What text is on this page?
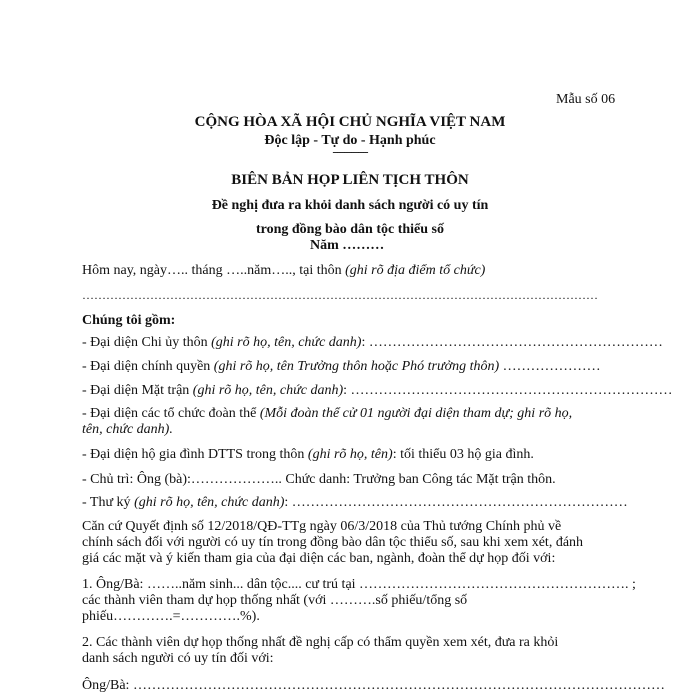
Mẫu số 06
CỘNG HÒA XÃ HỘI CHỦ NGHĨA VIỆT NAM
Độc lập - Tự do - Hạnh phúc
---------------
BIÊN BẢN HỌP LIÊN TỊCH THÔN
Đề nghị đưa ra khỏi danh sách người có uy tín
trong đồng bào dân tộc thiểu số
Năm ………
Hôm nay, ngày….. tháng …..năm….., tại thôn (ghi rõ địa điểm tổ chức)
…………………………………………………………………………………………………………………
Chúng tôi gồm:
- Đại diện Chi ủy thôn (ghi rõ họ, tên, chức danh): ………………………………………………………
- Đại diện chính quyền (ghi rõ họ, tên Trưởng thôn hoặc Phó trưởng thôn) …………………
- Đại diện Mặt trận (ghi rõ họ, tên, chức danh): ……………………………………………………………
- Đại diện các tổ chức đoàn thể (Mỗi đoàn thể cử 01 người đại diện tham dự; ghi rõ họ,
tên, chức danh).
- Đại diện hộ gia đình DTTS trong thôn (ghi rõ họ, tên): tối thiểu 03 hộ gia đình.
- Chủ trì: Ông (bà):……………….. Chức danh: Trưởng ban Công tác Mặt trận thôn.
- Thư ký (ghi rõ họ, tên, chức danh): ………………………………………………………………
Căn cứ Quyết định số 12/2018/QĐ-TTg ngày 06/3/2018 của Thủ tướng Chính phủ về
chính sách đối với người có uy tín trong đồng bào dân tộc thiểu số, sau khi xem xét, đánh
giá các mặt và ý kiến tham gia của đại diện các ban, ngành, đoàn thể dự họp đối với:
1. Ông/Bà: ……..năm sinh... dân tộc.... cư trú tại …………………………………………………. ;
các thành viên tham dự họp thống nhất (với ……….số phiếu/tổng số
phiếu………….=………….%).
2. Các thành viên dự họp thống nhất đề nghị cấp có thẩm quyền xem xét, đưa ra khỏi
danh sách người có uy tín đối với:
Ông/Bà: ……………………………………………………………………………………………………
